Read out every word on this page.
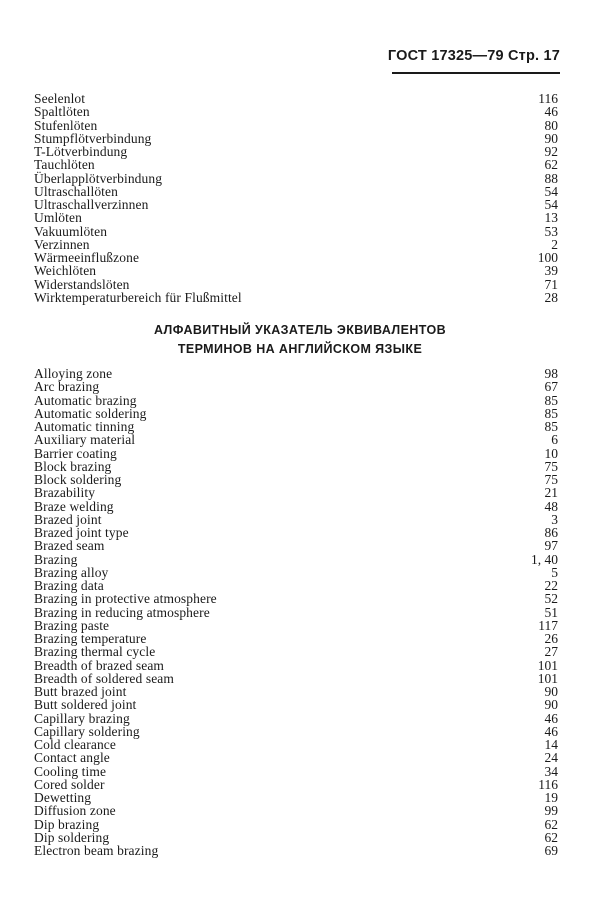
ГОСТ 17325—79 Стр. 17
Seelenlot	116
Spaltlöten	46
Stufenlöten	80
Stumpflötverbindung	90
T-Lötverbindung	92
Tauchlöten	62
Überlapplötverbindung	88
Ultraschallöten	54
Ultraschallverzinnen	54
Umlöten	13
Vakuumlöten	53
Verzinnen	2
Wärmeeinflußzone	100
Weichlöten	39
Widerstandslöten	71
Wirktemperaturbereich für Flußmittel	28
АЛФАВИТНЫЙ УКАЗАТЕЛЬ ЭКВИВАЛЕНТОВ
ТЕРМИНОВ НА АНГЛИЙСКОМ ЯЗЫКЕ
Alloying zone	98
Arc brazing	67
Automatic brazing	85
Automatic soldering	85
Automatic tinning	85
Auxiliary material	6
Barrier coating	10
Block brazing	75
Block soldering	75
Brazability	21
Braze welding	48
Brazed joint	3
Brazed joint type	86
Brazed seam	97
Brazing	1, 40
Brazing alloy	5
Brazing data	22
Brazing in protective atmosphere	52
Brazing in reducing atmosphere	51
Brazing paste	117
Brazing temperature	26
Brazing thermal cycle	27
Breadth of brazed seam	101
Breadth of soldered seam	101
Butt brazed joint	90
Butt soldered joint	90
Capillary brazing	46
Capillary soldering	46
Cold clearance	14
Contact angle	24
Cooling time	34
Cored solder	116
Dewetting	19
Diffusion zone	99
Dip brazing	62
Dip soldering	62
Electron beam brazing	69
